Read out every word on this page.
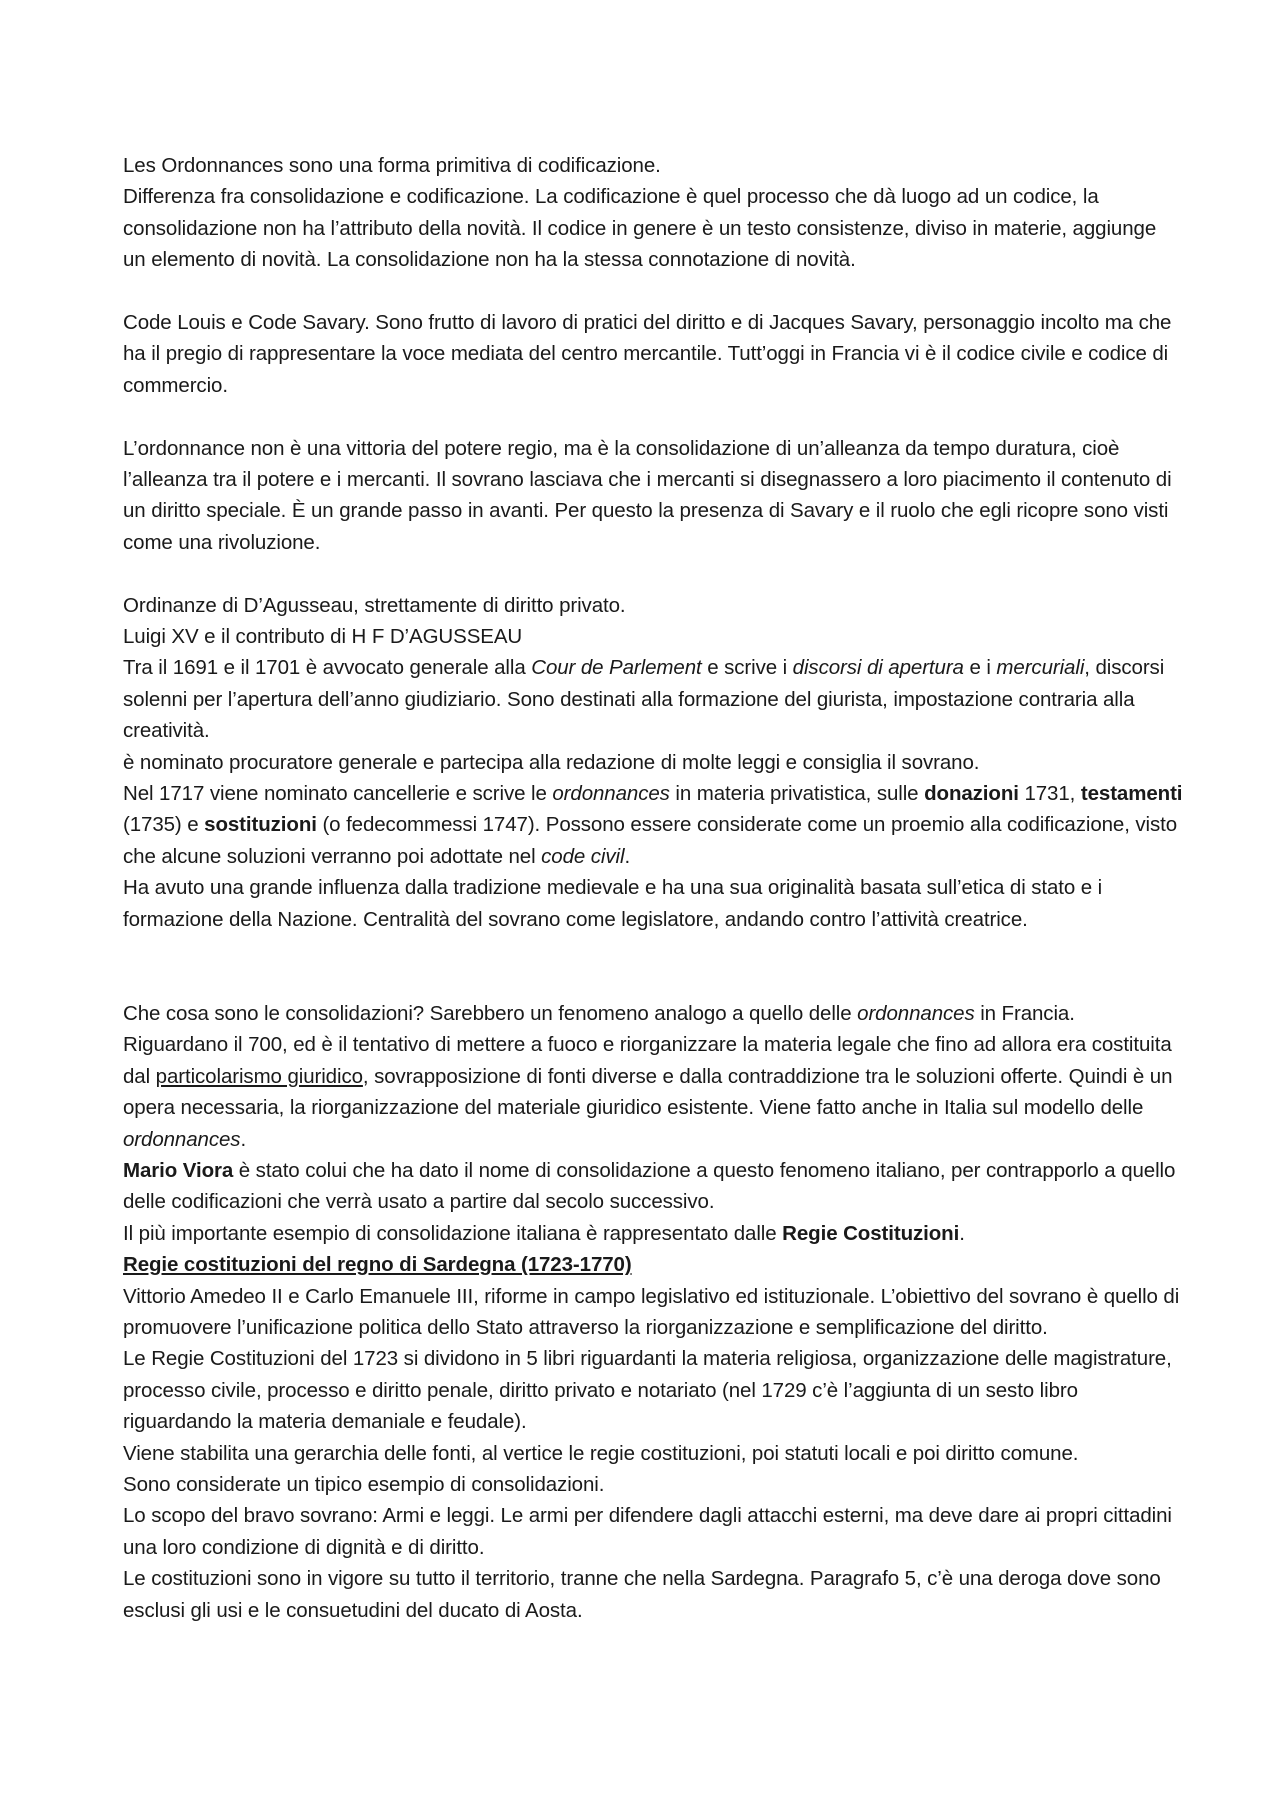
Les Ordonnances sono una forma primitiva di codificazione.

Differenza fra consolidazione e codificazione. La codificazione è quel processo che dà luogo ad un codice, la consolidazione non ha l’attributo della novità. Il codice in genere è un testo consistenze, diviso in materie, aggiunge un elemento di novità. La consolidazione non ha la stessa connotazione di novità.

Code Louis e Code Savary. Sono frutto di lavoro di pratici del diritto e di Jacques Savary, personaggio incolto ma che ha il pregio di rappresentare la voce mediata del centro mercantile. Tutt’oggi in Francia vi è il codice civile e codice di commercio.

L’ordonnance non è una vittoria del potere regio, ma è la consolidazione di un’alleanza da tempo duratura, cioè l’alleanza tra il potere e i mercanti. Il sovrano lasciava che i mercanti si disegnassero a loro piacimento il contenuto di un diritto speciale. È un grande passo in avanti. Per questo la presenza di Savary e il ruolo che egli ricopre sono visti come una rivoluzione.

Ordinanze di D’Agusseau, strettamente di diritto privato.

Luigi XV e il contributo di H F D’AGUSSEAU

Tra il 1691 e il 1701 è avvocato generale alla Cour de Parlement e scrive i discorsi di apertura e i mercuriali, discorsi solenni per l’apertura dell’anno giudiziario. Sono destinati alla formazione del giurista, impostazione contraria alla creatività.

è nominato procuratore generale e partecipa alla redazione di molte leggi e consiglia il sovrano.

Nel 1717 viene nominato cancellerie e scrive le ordonnances in materia privatistica, sulle donazioni 1731, testamenti (1735) e sostituzioni (o fedecommessi 1747). Possono essere considerate come un proemio alla codificazione, visto che alcune soluzioni verranno poi adottate nel code civil.

Ha avuto una grande influenza dalla tradizione medievale e ha una sua originalità basata sull’etica di stato e i formazione della Nazione. Centralità del sovrano come legislatore, andando contro l’attività creatrice.

Che cosa sono le consolidazioni? Sarebbero un fenomeno analogo a quello delle ordonnances in Francia. Riguardano il 700, ed è il tentativo di mettere a fuoco e riorganizzare la materia legale che fino ad allora era costituita dal particolarismo giuridico, sovrapposizione di fonti diverse e dalla contraddizione tra le soluzioni offerte. Quindi è un opera necessaria, la riorganizzazione del materiale giuridico esistente. Viene fatto anche in Italia sul modello delle ordonnances.

Mario Viora è stato colui che ha dato il nome di consolidazione a questo fenomeno italiano, per contrapporlo a quello delle codificazioni che verrà usato a partire dal secolo successivo.

Il più importante esempio di consolidazione italiana è rappresentato dalle Regie Costituzioni.

Regie costituzioni del regno di Sardegna (1723-1770)

Vittorio Amedeo II e Carlo Emanuele III, riforme in campo legislativo ed istituzionale. L’obiettivo del sovrano è quello di promuovere l’unificazione politica dello Stato attraverso la riorganizzazione e semplificazione del diritto.

Le Regie Costituzioni del 1723 si dividono in 5 libri riguardanti la materia religiosa, organizzazione delle magistrature, processo civile, processo e diritto penale, diritto privato e notariato (nel 1729 c’è l’aggiunta di un sesto libro riguardando la materia demaniale e feudale).

Viene stabilita una gerarchia delle fonti, al vertice le regie costituzioni, poi statuti locali e poi diritto comune.

Sono considerate un tipico esempio di consolidazioni.

Lo scopo del bravo sovrano: Armi e leggi. Le armi per difendere dagli attacchi esterni, ma deve dare ai propri cittadini una loro condizione di dignità e di diritto.

Le costituzioni sono in vigore su tutto il territorio, tranne che nella Sardegna. Paragrafo 5, c’è una deroga dove sono esclusi gli usi e le consuetudini del ducato di Aosta.
